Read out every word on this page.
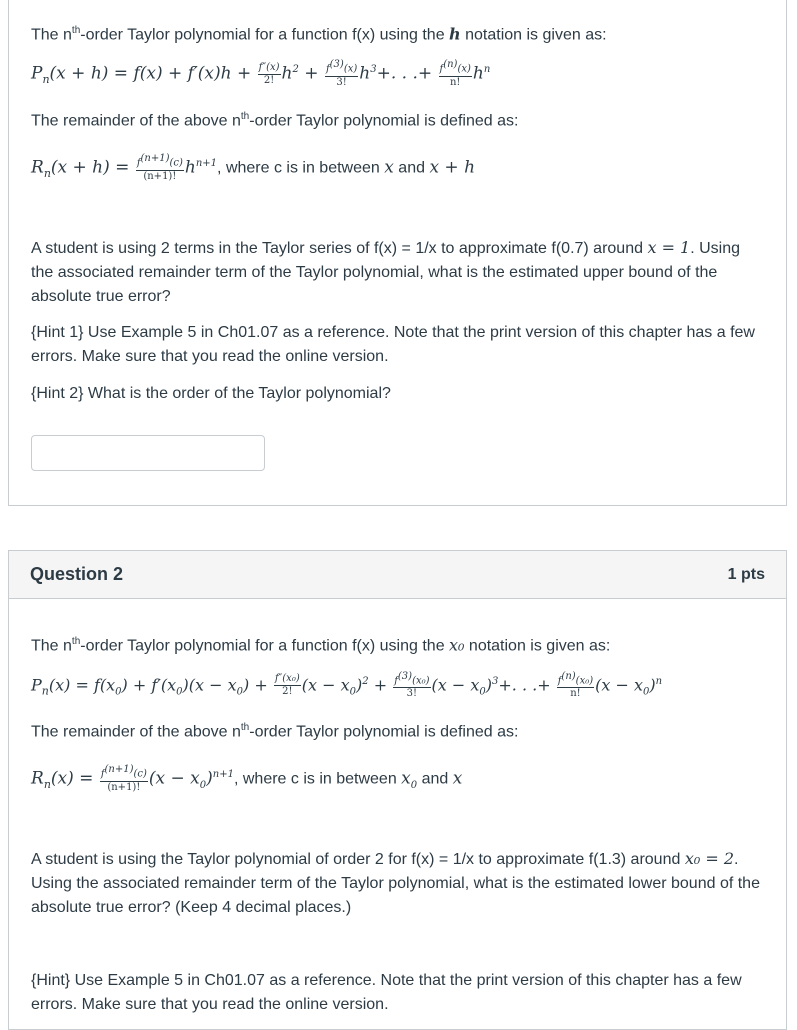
The $n^{th}$-order Taylor polynomial for a function f(x) using the h notation is given as:
$P_n(x + h) = f(x) + f'(x)h + \frac{f''(x)}{2!} h^2 + \frac{f^{(3)}(x)}{3!} h^3+$. . .+ $\frac{f^{(n)}(x)}{n!} h^n$
The remainder of the above $n^{th}$-order Taylor polynomial is defined as:
$R_n(x + h) = \frac{f^{(n+1)}(c)}{(n+1)!} h^{n+1}$, where c is in between x and x + h
A student is using 2 terms in the Taylor series of f(x) = 1/x to approximate f(0.7) around x = 1. Using the associated remainder term of the Taylor polynomial, what is the estimated upper bound of the absolute true error?
{Hint 1} Use Example 5 in Ch01.07 as a reference. Note that the print version of this chapter has a few errors. Make sure that you read the online version.
{Hint 2} What is the order of the Taylor polynomial?
Question 2	1 pts
The $n^{th}$-order Taylor polynomial for a function f(x) using the x₀ notation is given as:
$P_n(x) = f(x_0) + f'(x_0)(x - x_0) + \frac{\text{f″(x₀)}}{2!} (x - x_0)^2 + \frac{f^{(3)}(x_0)}{3!} (x - x_0)^3+$. . .+ $\frac{f^{(n)}(x_0)}{n!} (x - x_0)^n$
The remainder of the above $n^{th}$-order Taylor polynomial is defined as:
$R_n(x) = \frac{f^{(n+1)}(c)}{(n+1)!} (x - x_0)^{n+1}$, where c is in between $x_0$ and x
A student is using the Taylor polynomial of order 2 for f(x) = 1/x to approximate f(1.3) around x₀ = 2. Using the associated remainder term of the Taylor polynomial, what is the estimated lower bound of the absolute true error? (Keep 4 decimal places.)
{Hint} Use Example 5 in Ch01.07 as a reference. Note that the print version of this chapter has a few errors. Make sure that you read the online version.
